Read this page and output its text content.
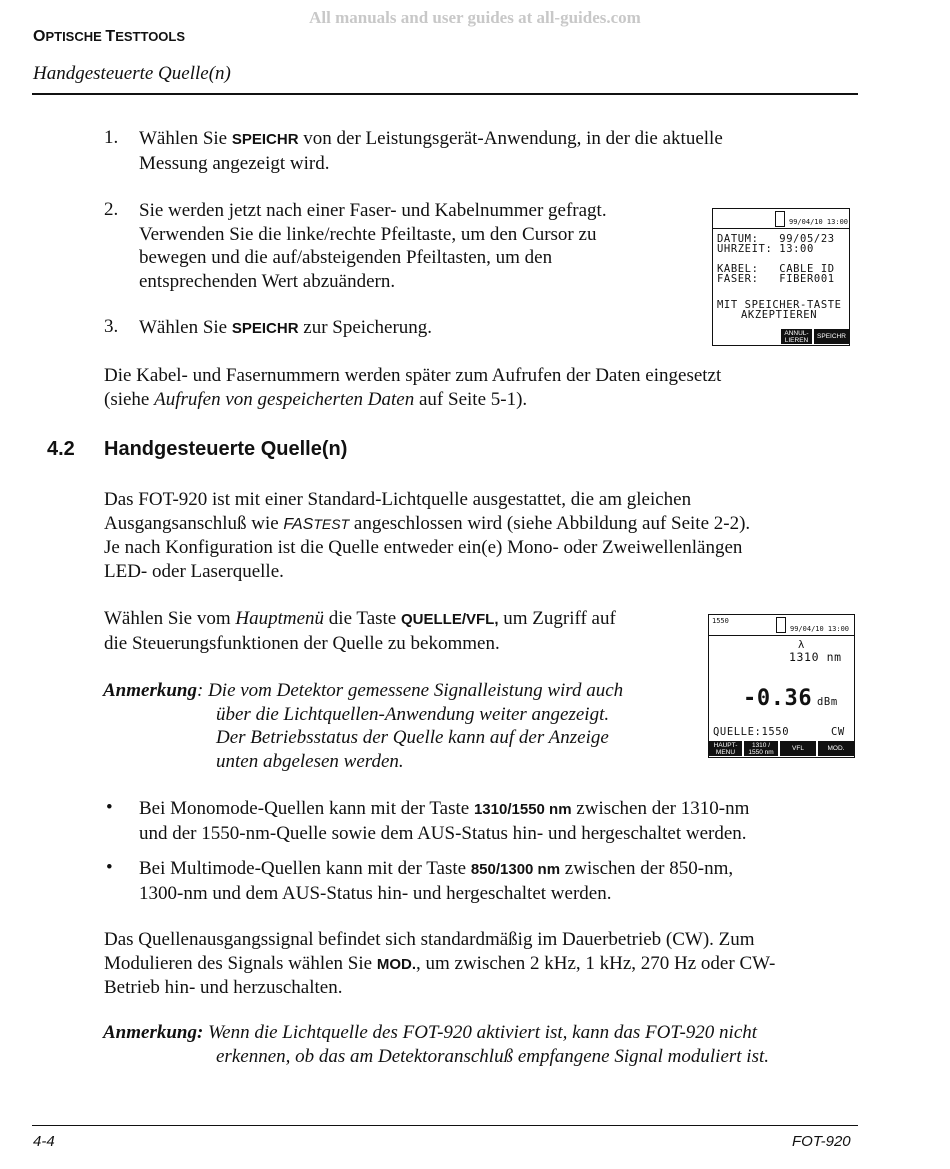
All manuals and user guides at all-guides.com
OPTISCHE TESTTOOLS
Handgesteuerte Quelle(n)
1. Wählen Sie SPEICHR von der Leistungsgerät-Anwendung, in der die aktuelle
Messung angezeigt wird.
2. Sie werden jetzt nach einer Faser- und Kabelnummer gefragt.
Verwenden Sie die linke/rechte Pfeiltaste, um den Cursor zu
bewegen und die auf/absteigenden Pfeiltasten, um den
entsprechenden Wert abzuändern.
3. Wählen Sie SPEICHR zur Speicherung.
99/04/10 13:00
DATUM:   99/05/23
UHRZEIT: 13:00
KABEL:   CABLE ID
FASER:   FIBER001
MIT SPEICHER-TASTE
AKZEPTIEREN
ANNUL-
LIEREN	SPEICHR
Die Kabel- und Fasernummern werden später zum Aufrufen der Daten eingesetzt
(siehe Aufrufen von gespeicherten Daten auf Seite 5-1).
4.2 Handgesteuerte Quelle(n)
Das FOT-920 ist mit einer Standard-Lichtquelle ausgestattet, die am gleichen
Ausgangsanschluß wie FASTEST angeschlossen wird (siehe Abbildung auf Seite 2-2).
Je nach Konfiguration ist die Quelle entweder ein(e) Mono- oder Zweiwellenlängen
LED- oder Laserquelle.
Wählen Sie vom Hauptmenü die Taste QUELLE/VFL, um Zugriff auf
die Steuerungsfunktionen der Quelle zu bekommen.
Anmerkung: Die vom Detektor gemessene Signalleistung wird auch
über die Lichtquellen-Anwendung weiter angezeigt.
Der Betriebsstatus der Quelle kann auf der Anzeige
unten abgelesen werden.
1550
99/04/10 13:00
λ
1310 nm
-0.36 dBm
QUELLE:1550	CW
HAUPT-
MENU
1310 /
1550 nm	VFL	MOD.
• Bei Monomode-Quellen kann mit der Taste 1310/1550 nm zwischen der 1310-nm
und der 1550-nm-Quelle sowie dem AUS-Status hin- und hergeschaltet werden.
• Bei Multimode-Quellen kann mit der Taste 850/1300 nm zwischen der 850-nm,
1300-nm und dem AUS-Status hin- und hergeschaltet werden.
Das Quellenausgangssignal befindet sich standardmäßig im Dauerbetrieb (CW). Zum
Modulieren des Signals wählen Sie MOD., um zwischen 2 kHz, 1 kHz, 270 Hz oder CW-
Betrieb hin- und herzuschalten.
Anmerkung: Wenn die Lichtquelle des FOT-920 aktiviert ist, kann das FOT-920 nicht
erkennen, ob das am Detektoranschluß empfangene Signal moduliert ist.
4-4	FOT-920
